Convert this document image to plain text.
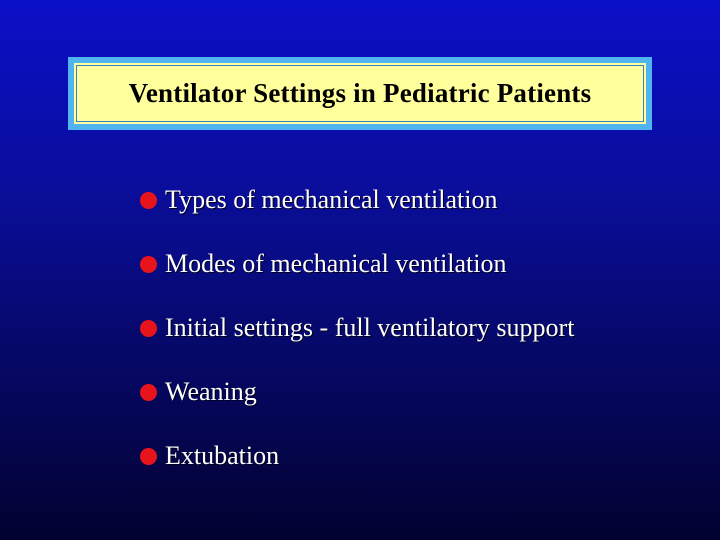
Ventilator Settings in Pediatric Patients
Types of mechanical ventilation
Modes of mechanical ventilation
Initial settings - full ventilatory support
Weaning
Extubation
